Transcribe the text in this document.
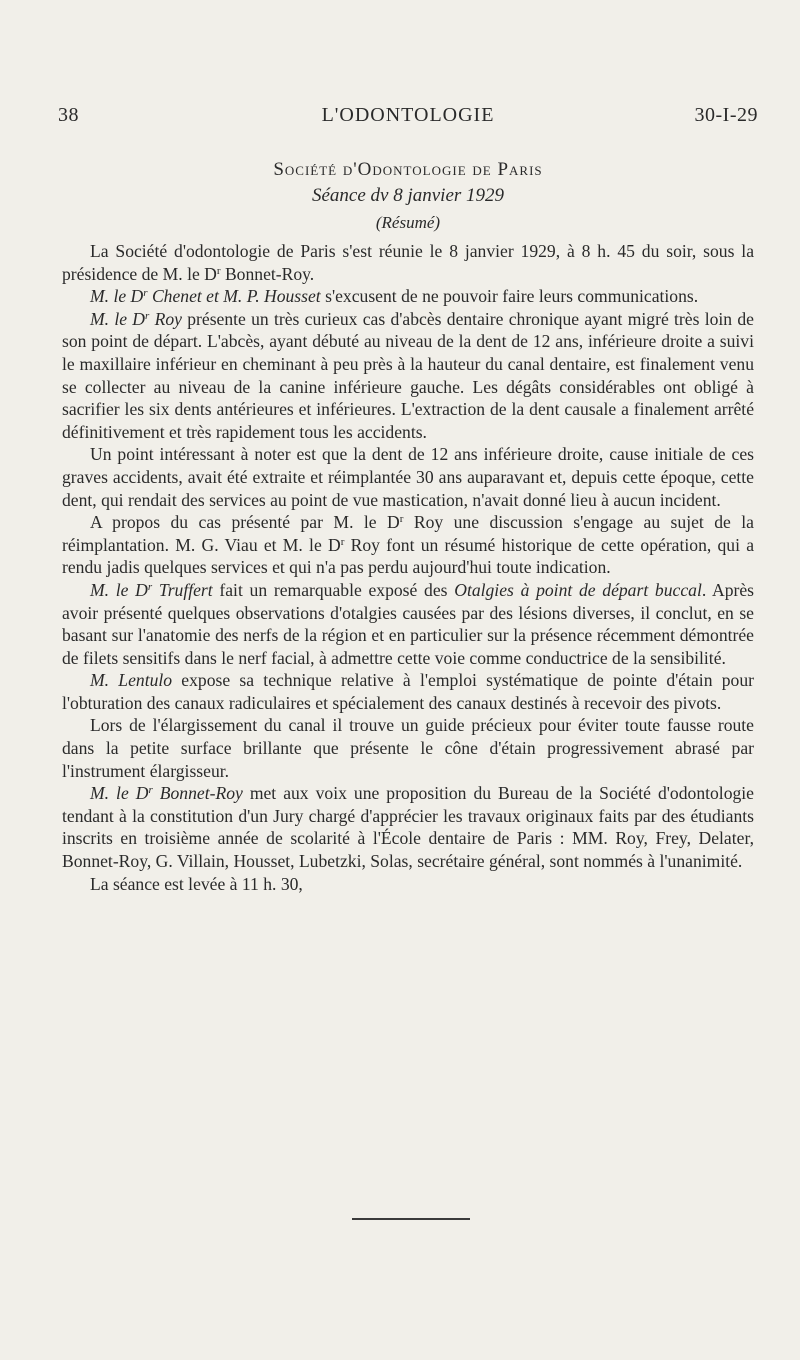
38	L'ODONTOLOGIE	30-I-29
Société d'Odontologie de Paris
Séance dv 8 janvier 1929
(Résumé)

La Société d'odontologie de Paris s'est réunie le 8 janvier 1929, à 8 h. 45 du soir, sous la présidence de M. le $D^r$ Bonnet-Roy.

M. le $D^r$ Chenet et M. P. Housset s'excusent de ne pouvoir faire leurs communications.

M. le $D^r$ Roy présente un très curieux cas d'abcès dentaire chronique ayant migré très loin de son point de départ. L'abcès, ayant débuté au niveau de la dent de 12 ans, inférieure droite a suivi le maxillaire inférieur en cheminant à peu près à la hauteur du canal dentaire, est finalement venu se collecter au niveau de la canine inférieure gauche. Les dégâts considérables ont obligé à sacrifier les six dents antérieures et inférieures. L'extraction de la dent causale a finalement arrêté définitivement et très rapidement tous les accidents.

Un point intéressant à noter est que la dent de 12 ans inférieure droite, cause initiale de ces graves accidents, avait été extraite et réimplantée 30 ans auparavant et, depuis cette époque, cette dent, qui rendait des services au point de vue mastication, n'avait donné lieu à aucun incident.

A propos du cas présenté par M. le $D^r$ Roy une discussion s'engage au sujet de la réimplantation. M. G. Viau et M. le $D^r$ Roy font un résumé historique de cette opération, qui a rendu jadis quelques services et qui n'a pas perdu aujourd'hui toute indication.

M. le $D^r$ Truffert fait un remarquable exposé des Otalgies à point de départ buccal. Après avoir présenté quelques observations d'otalgies causées par des lésions diverses, il conclut, en se basant sur l'anatomie des nerfs de la région et en particulier sur la présence récemment démontrée de filets sensitifs dans le nerf facial, à admettre cette voie comme conductrice de la sensibilité.

M. Lentulo expose sa technique relative à l'emploi systématique de pointe d'étain pour l'obturation des canaux radiculaires et spécialement des canaux destinés à recevoir des pivots.

Lors de l'élargissement du canal il trouve un guide précieux pour éviter toute fausse route dans la petite surface brillante que présente le cône d'étain progressivement abrasé par l'instrument élargisseur.

M. le $D^r$ Bonnet-Roy met aux voix une proposition du Bureau de la Société d'odontologie tendant à la constitution d'un Jury chargé d'apprécier les travaux originaux faits par des étudiants inscrits en troisième année de scolarité à l'École dentaire de Paris : MM. Roy, Frey, Delater, Bonnet-Roy, G. Villain, Housset, Lubetzki, Solas, secrétaire général, sont nommés à l'unanimité.

La séance est levée à 11 h. 30,
